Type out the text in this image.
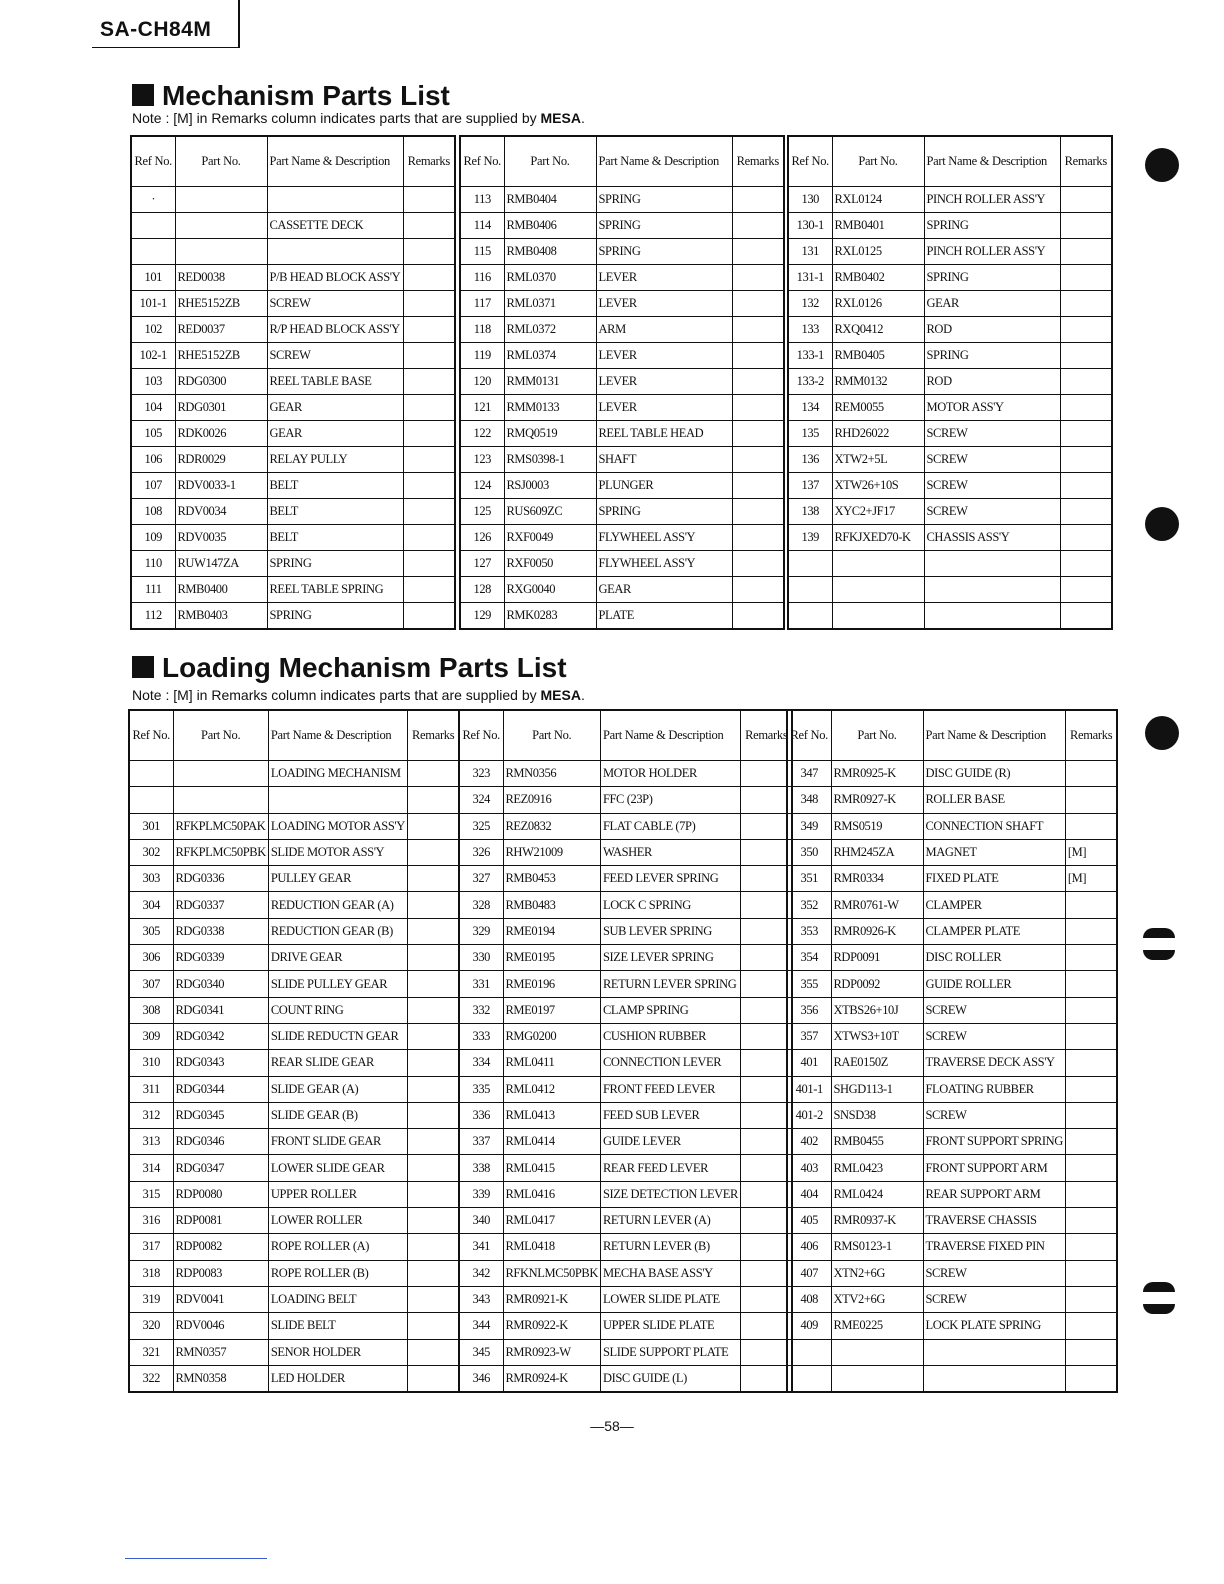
SA-CH84M
Mechanism Parts List
Note : [M] in Remarks column indicates parts that are supplied by MESA.
Ref No.	Part No.	Part Name & Description	Remarks
·			
		CASSETTE DECK	

101	RED0038	P/B HEAD BLOCK ASS'Y	
101-1	RHE5152ZB	SCREW	
102	RED0037	R/P HEAD BLOCK ASS'Y	
102-1	RHE5152ZB	SCREW	
103	RDG0300	REEL TABLE BASE	
104	RDG0301	GEAR	
105	RDK0026	GEAR	
106	RDR0029	RELAY PULLY	
107	RDV0033-1	BELT	
108	RDV0034	BELT	
109	RDV0035	BELT	
110	RUW147ZA	SPRING	
111	RMB0400	REEL TABLE SPRING	
112	RMB0403	SPRING	
Ref No.	Part No.	Part Name & Description	Remarks
113	RMB0404	SPRING	
114	RMB0406	SPRING	
115	RMB0408	SPRING	
116	RML0370	LEVER	
117	RML0371	LEVER	
118	RML0372	ARM	
119	RML0374	LEVER	
120	RMM0131	LEVER	
121	RMM0133	LEVER	
122	RMQ0519	REEL TABLE HEAD	
123	RMS0398-1	SHAFT	
124	RSJ0003	PLUNGER	
125	RUS609ZC	SPRING	
126	RXF0049	FLYWHEEL ASS'Y	
127	RXF0050	FLYWHEEL ASS'Y	
128	RXG0040	GEAR	
129	RMK0283	PLATE	
Ref No.	Part No.	Part Name & Description	Remarks
130	RXL0124	PINCH ROLLER ASS'Y	
130-1	RMB0401	SPRING	
131	RXL0125	PINCH ROLLER ASS'Y	
131-1	RMB0402	SPRING	
132	RXL0126	GEAR	
133	RXQ0412	ROD	
133-1	RMB0405	SPRING	
133-2	RMM0132	ROD	
134	REM0055	MOTOR ASS'Y	
135	RHD26022	SCREW	
136	XTW2+5L	SCREW	
137	XTW26+10S	SCREW	
138	XYC2+JF17	SCREW	
139	RFKJXED70-K	CHASSIS ASS'Y	

Loading Mechanism Parts List
Note : [M] in Remarks column indicates parts that are supplied by MESA.
Ref No.	Part No.	Part Name & Description	Remarks
		LOADING MECHANISM	

301	RFKPLMC50PAK	LOADING MOTOR ASS'Y	
302	RFKPLMC50PBK	SLIDE MOTOR ASS'Y	
303	RDG0336	PULLEY GEAR	
304	RDG0337	REDUCTION GEAR (A)	
305	RDG0338	REDUCTION GEAR (B)	
306	RDG0339	DRIVE GEAR	
307	RDG0340	SLIDE PULLEY GEAR	
308	RDG0341	COUNT RING	
309	RDG0342	SLIDE REDUCTN GEAR	
310	RDG0343	REAR SLIDE GEAR	
311	RDG0344	SLIDE GEAR (A)	
312	RDG0345	SLIDE GEAR (B)	
313	RDG0346	FRONT SLIDE GEAR	
314	RDG0347	LOWER SLIDE GEAR	
315	RDP0080	UPPER ROLLER	
316	RDP0081	LOWER ROLLER	
317	RDP0082	ROPE ROLLER (A)	
318	RDP0083	ROPE ROLLER (B)	
319	RDV0041	LOADING BELT	
320	RDV0046	SLIDE BELT	
321	RMN0357	SENOR HOLDER	
322	RMN0358	LED HOLDER	
Ref No.	Part No.	Part Name & Description	Remarks
323	RMN0356	MOTOR HOLDER	
324	REZ0916	FFC (23P)	
325	REZ0832	FLAT CABLE (7P)	
326	RHW21009	WASHER	
327	RMB0453	FEED LEVER SPRING	
328	RMB0483	LOCK C SPRING	
329	RME0194	SUB LEVER SPRING	
330	RME0195	SIZE LEVER SPRING	
331	RME0196	RETURN LEVER SPRING	
332	RME0197	CLAMP SPRING	
333	RMG0200	CUSHION RUBBER	
334	RML0411	CONNECTION LEVER	
335	RML0412	FRONT FEED LEVER	
336	RML0413	FEED SUB LEVER	
337	RML0414	GUIDE LEVER	
338	RML0415	REAR FEED LEVER	
339	RML0416	SIZE DETECTION LEVER	
340	RML0417	RETURN LEVER (A)	
341	RML0418	RETURN LEVER (B)	
342	RFKNLMC50PBK	MECHA BASE ASS'Y	
343	RMR0921-K	LOWER SLIDE PLATE	
344	RMR0922-K	UPPER SLIDE PLATE	
345	RMR0923-W	SLIDE SUPPORT PLATE	
346	RMR0924-K	DISC GUIDE (L)	
Ref No.	Part No.	Part Name & Description	Remarks
347	RMR0925-K	DISC GUIDE (R)	
348	RMR0927-K	ROLLER BASE	
349	RMS0519	CONNECTION SHAFT	
350	RHM245ZA	MAGNET	[M]
351	RMR0334	FIXED PLATE	[M]
352	RMR0761-W	CLAMPER	
353	RMR0926-K	CLAMPER PLATE	
354	RDP0091	DISC ROLLER	
355	RDP0092	GUIDE ROLLER	
356	XTBS26+10J	SCREW	
357	XTWS3+10T	SCREW	
401	RAE0150Z	TRAVERSE DECK ASS'Y	
401-1	SHGD113-1	FLOATING RUBBER	
401-2	SNSD38	SCREW	
402	RMB0455	FRONT SUPPORT SPRING	
403	RML0423	FRONT SUPPORT ARM	
404	RML0424	REAR SUPPORT ARM	
405	RMR0937-K	TRAVERSE CHASSIS	
406	RMS0123-1	TRAVERSE FIXED PIN	
407	XTN2+6G	SCREW	
408	XTV2+6G	SCREW	
409	RME0225	LOCK PLATE SPRING	

—58—
